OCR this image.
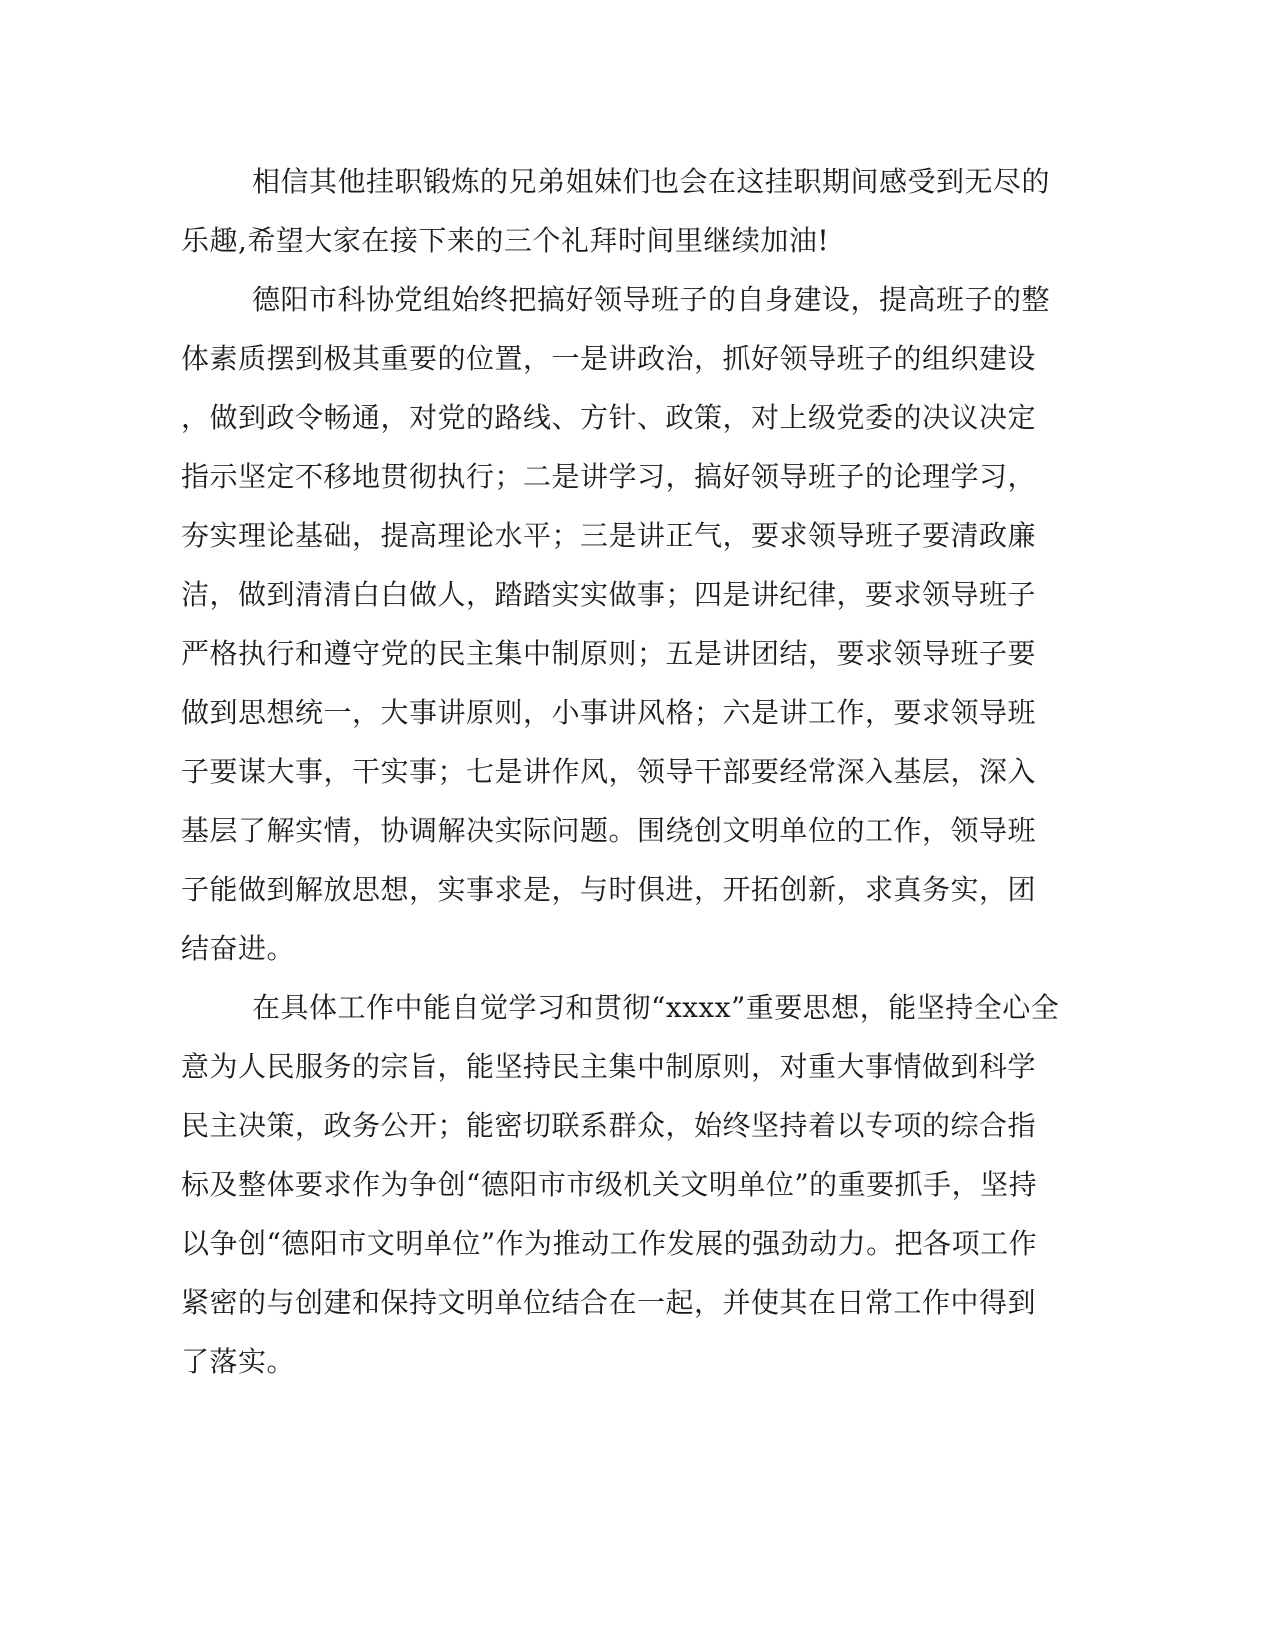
相信其他挂职锻炼的兄弟姐妹们也会在这挂职期间感受到无尽的

乐趣,希望大家在接下来的三个礼拜时间里继续加油!

德阳市科协党组始终把搞好领导班子的自身建设，提高班子的整

体素质摆到极其重要的位置，一是讲政治，抓好领导班子的组织建设

，做到政令畅通，对党的路线、方针、政策，对上级党委的决议决定

指示坚定不移地贯彻执行；二是讲学习，搞好领导班子的论理学习，

夯实理论基础，提高理论水平；三是讲正气，要求领导班子要清政廉

洁，做到清清白白做人，踏踏实实做事；四是讲纪律，要求领导班子

严格执行和遵守党的民主集中制原则；五是讲团结，要求领导班子要

做到思想统一，大事讲原则，小事讲风格；六是讲工作，要求领导班

子要谋大事，干实事；七是讲作风，领导干部要经常深入基层，深入

基层了解实情，协调解决实际问题。围绕创文明单位的工作，领导班

子能做到解放思想，实事求是，与时俱进，开拓创新，求真务实，团

结奋进。

在具体工作中能自觉学习和贯彻“xxxx”重要思想，能坚持全心全

意为人民服务的宗旨，能坚持民主集中制原则，对重大事情做到科学

民主决策，政务公开；能密切联系群众，始终坚持着以专项的综合指

标及整体要求作为争创“德阳市市级机关文明单位”的重要抓手，坚持

以争创“德阳市文明单位”作为推动工作发展的强劲动力。把各项工作

紧密的与创建和保持文明单位结合在一起，并使其在日常工作中得到

了落实。
